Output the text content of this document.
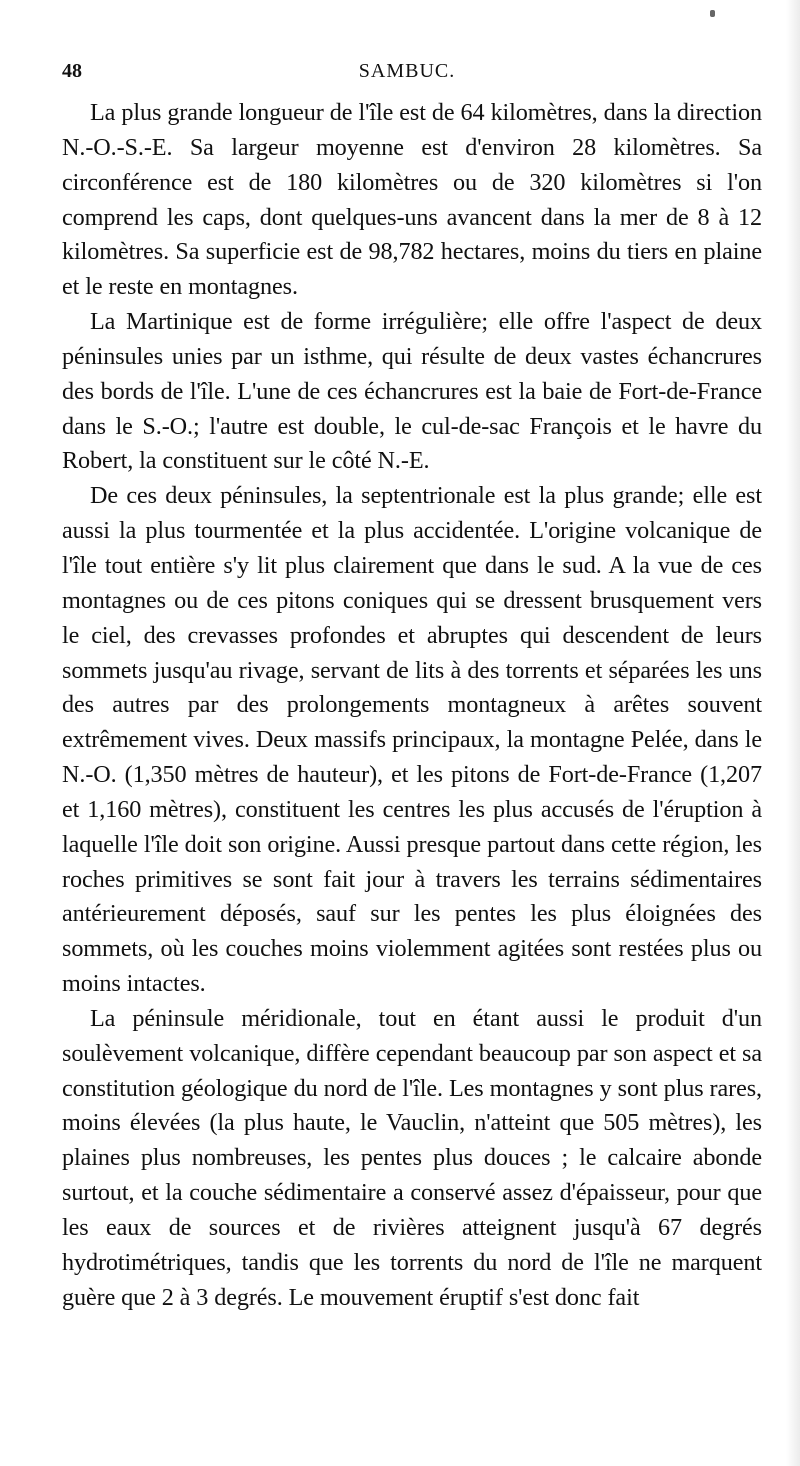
48	SAMBUC.

La plus grande longueur de l'île est de 64 kilomètres, dans la direction N.-O.-S.-E. Sa largeur moyenne est d'environ 28 kilomètres. Sa circonférence est de 180 kilomètres ou de 320 kilomètres si l'on comprend les caps, dont quelques-uns avancent dans la mer de 8 à 12 kilomètres. Sa superficie est de 98,782 hectares, moins du tiers en plaine et le reste en montagnes.

La Martinique est de forme irrégulière; elle offre l'aspect de deux péninsules unies par un isthme, qui résulte de deux vastes échancrures des bords de l'île. L'une de ces échancrures est la baie de Fort-de-France dans le S.-O.; l'autre est double, le cul-de-sac François et le havre du Robert, la constituent sur le côté N.-E.

De ces deux péninsules, la septentrionale est la plus grande; elle est aussi la plus tourmentée et la plus accidentée. L'origine volcanique de l'île tout entière s'y lit plus clairement que dans le sud. A la vue de ces montagnes ou de ces pitons coniques qui se dressent brusquement vers le ciel, des crevasses profondes et abruptes qui descendent de leurs sommets jusqu'au rivage, servant de lits à des torrents et séparées les uns des autres par des prolongements montagneux à arêtes souvent extrêmement vives. Deux massifs principaux, la montagne Pelée, dans le N.-O. (1,350 mètres de hauteur), et les pitons de Fort-de-France (1,207 et 1,160 mètres), constituent les centres les plus accusés de l'éruption à laquelle l'île doit son origine. Aussi presque partout dans cette région, les roches primitives se sont fait jour à travers les terrains sédimentaires antérieurement déposés, sauf sur les pentes les plus éloignées des sommets, où les couches moins violemment agitées sont restées plus ou moins intactes.

La péninsule méridionale, tout en étant aussi le produit d'un soulèvement volcanique, diffère cependant beaucoup par son aspect et sa constitution géologique du nord de l'île. Les montagnes y sont plus rares, moins élevées (la plus haute, le Vauclin, n'atteint que 505 mètres), les plaines plus nombreuses, les pentes plus douces ; le calcaire abonde surtout, et la couche sédimentaire a conservé assez d'épaisseur, pour que les eaux de sources et de rivières atteignent jusqu'à 67 degrés hydrotimétriques, tandis que les torrents du nord de l'île ne marquent guère que 2 à 3 degrés. Le mouvement éruptif s'est donc fait
